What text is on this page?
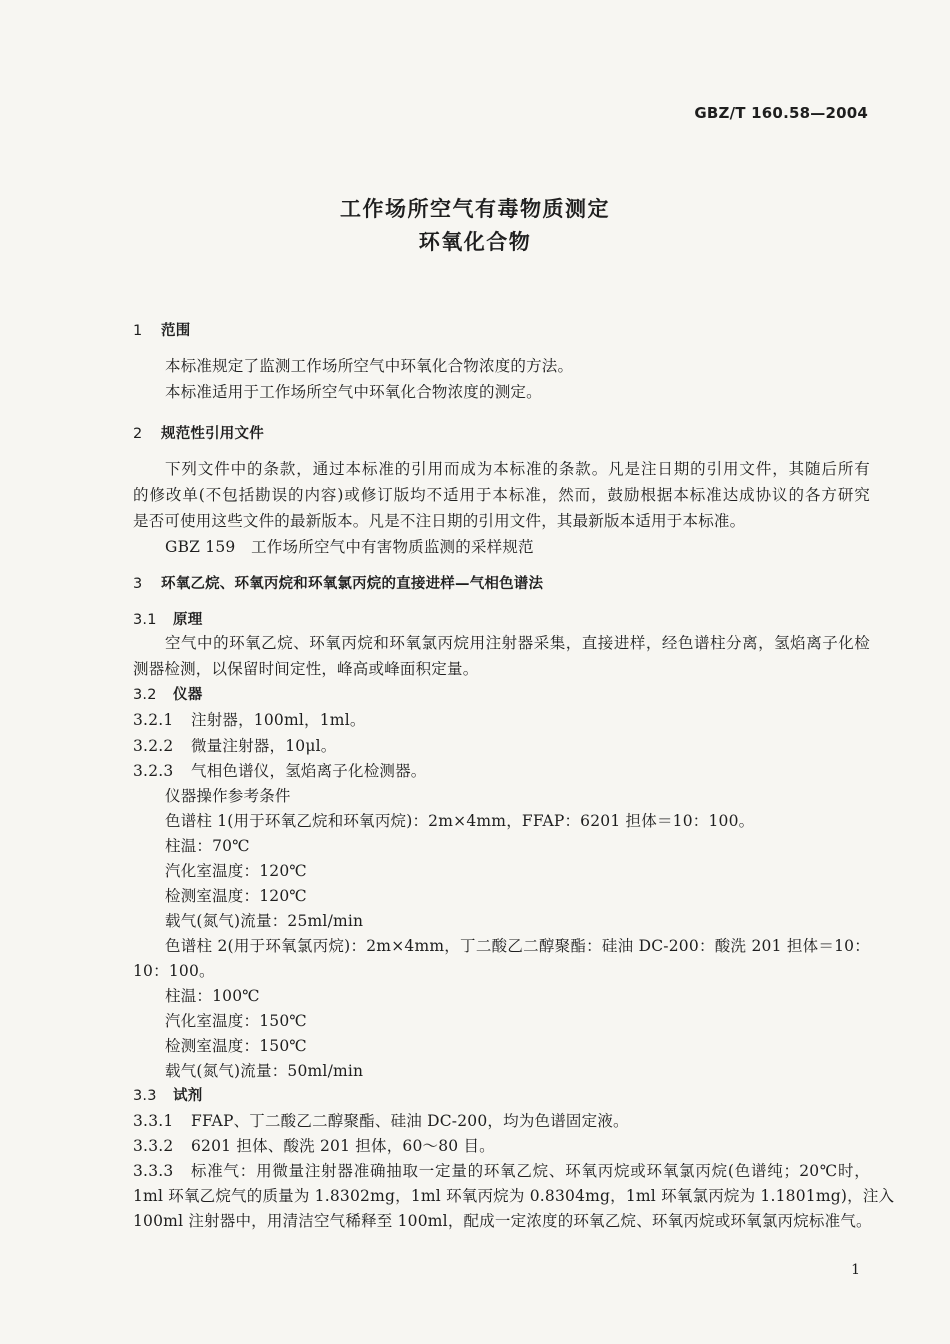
GBZ/T 160.58—2004
工作场所空气有毒物质测定
环氧化合物
1 范围
本标准规定了监测工作场所空气中环氧化合物浓度的方法。
本标准适用于工作场所空气中环氧化合物浓度的测定。
2 规范性引用文件
下列文件中的条款，通过本标准的引用而成为本标准的条款。凡是注日期的引用文件，其随后所有
的修改单(不包括勘误的内容)或修订版均不适用于本标准，然而，鼓励根据本标准达成协议的各方研究
是否可使用这些文件的最新版本。凡是不注日期的引用文件，其最新版本适用于本标准。
GBZ 159　工作场所空气中有害物质监测的采样规范
3 环氧乙烷、环氧丙烷和环氧氯丙烷的直接进样—气相色谱法
3.1 原理
空气中的环氧乙烷、环氧丙烷和环氧氯丙烷用注射器采集，直接进样，经色谱柱分离，氢焰离子化检
测器检测，以保留时间定性，峰高或峰面积定量。
3.2 仪器
3.2.1 注射器，100ml，1ml。
3.2.2 微量注射器，10μl。
3.2.3 气相色谱仪，氢焰离子化检测器。
仪器操作参考条件
色谱柱 1(用于环氧乙烷和环氧丙烷)：2m×4mm，FFAP：6201 担体＝10：100。
柱温：70℃
汽化室温度：120℃
检测室温度：120℃
载气(氮气)流量：25ml/min
色谱柱 2(用于环氧氯丙烷)：2m×4mm，丁二酸乙二醇聚酯：硅油 DC-200：酸洗 201 担体＝10：
10：100。
柱温：100℃
汽化室温度：150℃
检测室温度：150℃
载气(氮气)流量：50ml/min
3.3 试剂
3.3.1 FFAP、丁二酸乙二醇聚酯、硅油 DC-200，均为色谱固定液。
3.3.2 6201 担体、酸洗 201 担体，60～80 目。
3.3.3 标准气：用微量注射器准确抽取一定量的环氧乙烷、环氧丙烷或环氧氯丙烷(色谱纯；20℃时，
1ml 环氧乙烷气的质量为 1.8302mg，1ml 环氧丙烷为 0.8304mg，1ml 环氧氯丙烷为 1.1801mg)，注入
100ml 注射器中，用清洁空气稀释至 100ml，配成一定浓度的环氧乙烷、环氧丙烷或环氧氯丙烷标准气。
1
